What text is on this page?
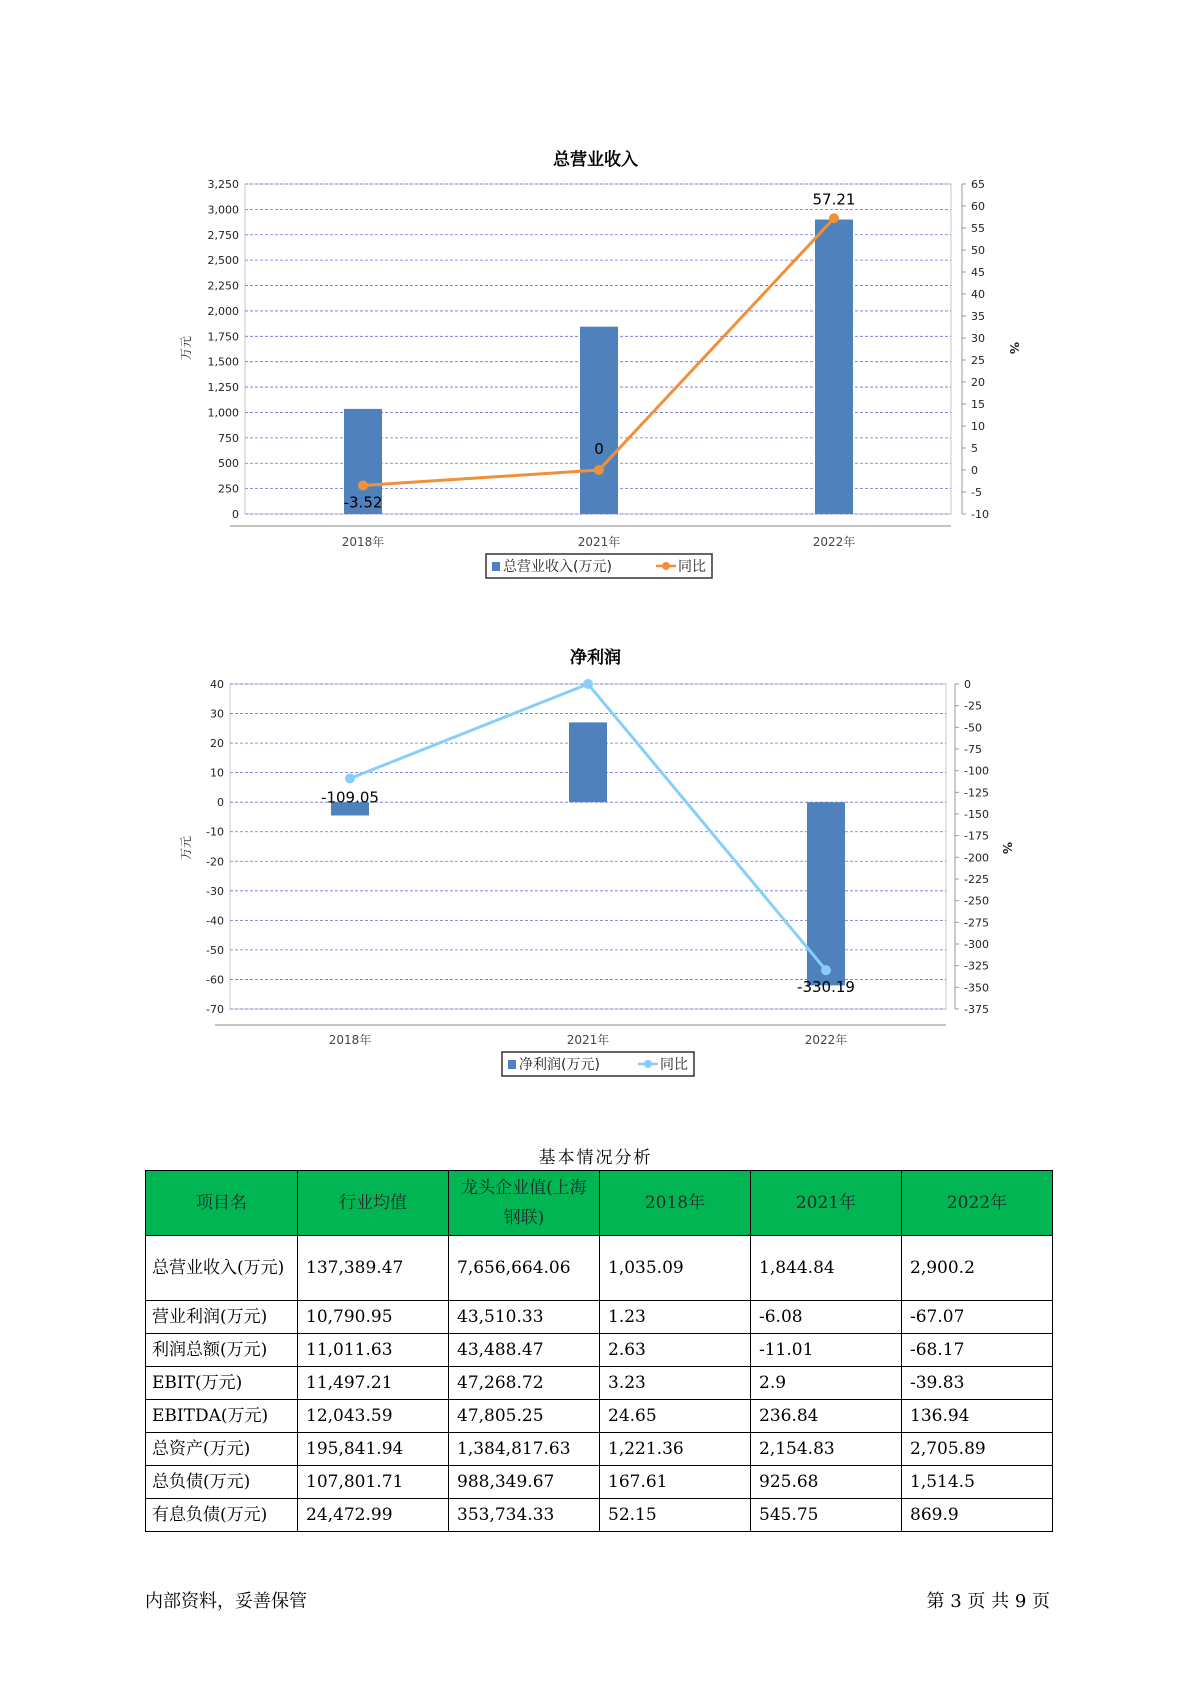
总营业收入
0
250
500
750
1,000
1,250
1,500
1,750
2,000
2,250
2,500
2,750
3,000
3,250
-10
-5
0
5
10
15
20
25
30
35
40
45
50
55
60
65
万元	%
-3.52
0
57.21
2018年	2021年	2022年
总营业收入(万元)	同比
净利润
-70
-60
-50
-40
-30
-20
-10
0
10
20
30
40
-375
-350
-325
-300
-275
-250
-225
-200
-175
-150
-125
-100
-75
-50
-25
0
万元	%
-109.05
-330.19
2018年	2021年	2022年
净利润(万元)	同比
基本情况分析
项目名	行业均值	龙头企业值(上海钢联)	2018年	2021年	2022年
总营业收入(万元)	137,389.47	7,656,664.06	1,035.09	1,844.84	2,900.2
营业利润(万元)	10,790.95	43,510.33	1.23	-6.08	-67.07
利润总额(万元)	11,011.63	43,488.47	2.63	-11.01	-68.17
EBIT(万元)	11,497.21	47,268.72	3.23	2.9	-39.83
EBITDA(万元)	12,043.59	47,805.25	24.65	236.84	136.94
总资产(万元)	195,841.94	1,384,817.63	1,221.36	2,154.83	2,705.89
总负债(万元)	107,801.71	988,349.67	167.61	925.68	1,514.5
有息负债(万元)	24,472.99	353,734.33	52.15	545.75	869.9
内部资料，妥善保管	第 3 页 共 9 页
